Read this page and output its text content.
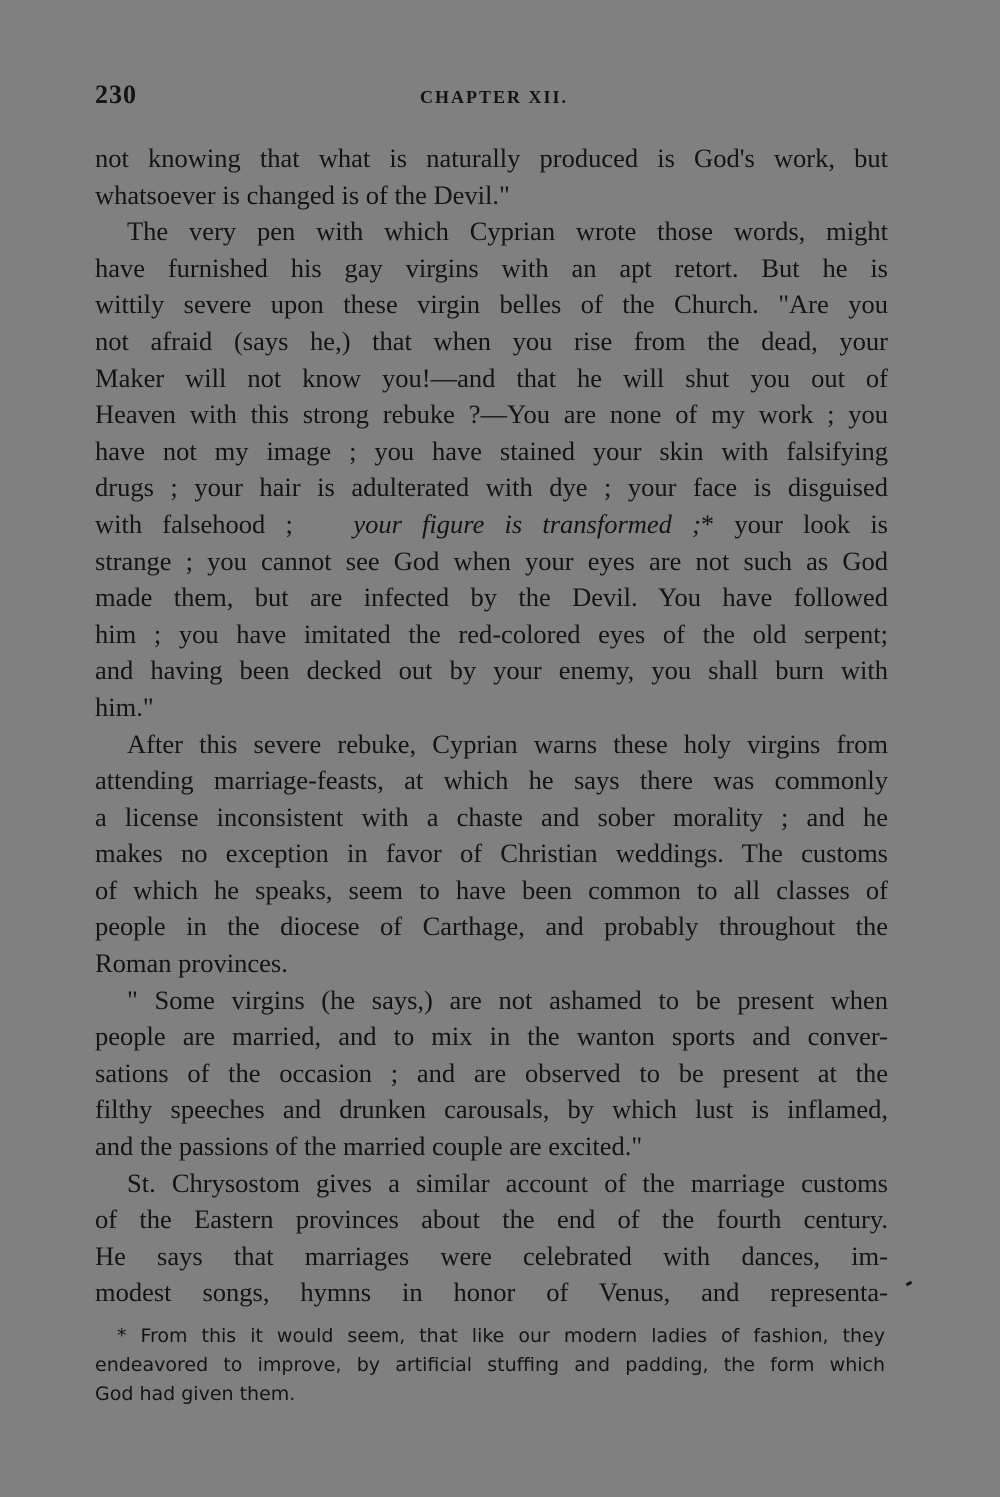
230	CHAPTER XII.
not knowing that what is naturally produced is God's work, but
whatsoever is changed is of the Devil."
The very pen with which Cyprian wrote those words, might
have furnished his gay virgins with an apt retort. But he is
wittily severe upon these virgin belles of the Church. "Are you
not afraid (says he,) that when you rise from the dead, your
Maker will not know you!—and that he will shut you out of
Heaven with this strong rebuke ?—You are none of my work ; you
have not my image ; you have stained your skin with falsifying
drugs ; your hair is adulterated with dye ; your face is disguised
with falsehood ; your figure is transformed ;* your look is
strange ; you cannot see God when your eyes are not such as God
made them, but are infected by the Devil. You have followed
him ; you have imitated the red-colored eyes of the old serpent;
and having been decked out by your enemy, you shall burn with
him."
After this severe rebuke, Cyprian warns these holy virgins from
attending marriage-feasts, at which he says there was commonly
a license inconsistent with a chaste and sober morality ; and he
makes no exception in favor of Christian weddings. The customs
of which he speaks, seem to have been common to all classes of
people in the diocese of Carthage, and probably throughout the
Roman provinces.
" Some virgins (he says,) are not ashamed to be present when
people are married, and to mix in the wanton sports and conver-
sations of the occasion ; and are observed to be present at the
filthy speeches and drunken carousals, by which lust is inflamed,
and the passions of the married couple are excited."
St. Chrysostom gives a similar account of the marriage customs
of the Eastern provinces about the end of the fourth century.
He says that marriages were celebrated with dances, im-
modest songs, hymns in honor of Venus, and representa-
* From this it would seem, that like our modern ladies of fashion, they
endeavored to improve, by artificial stuffing and padding, the form which
God had given them.
